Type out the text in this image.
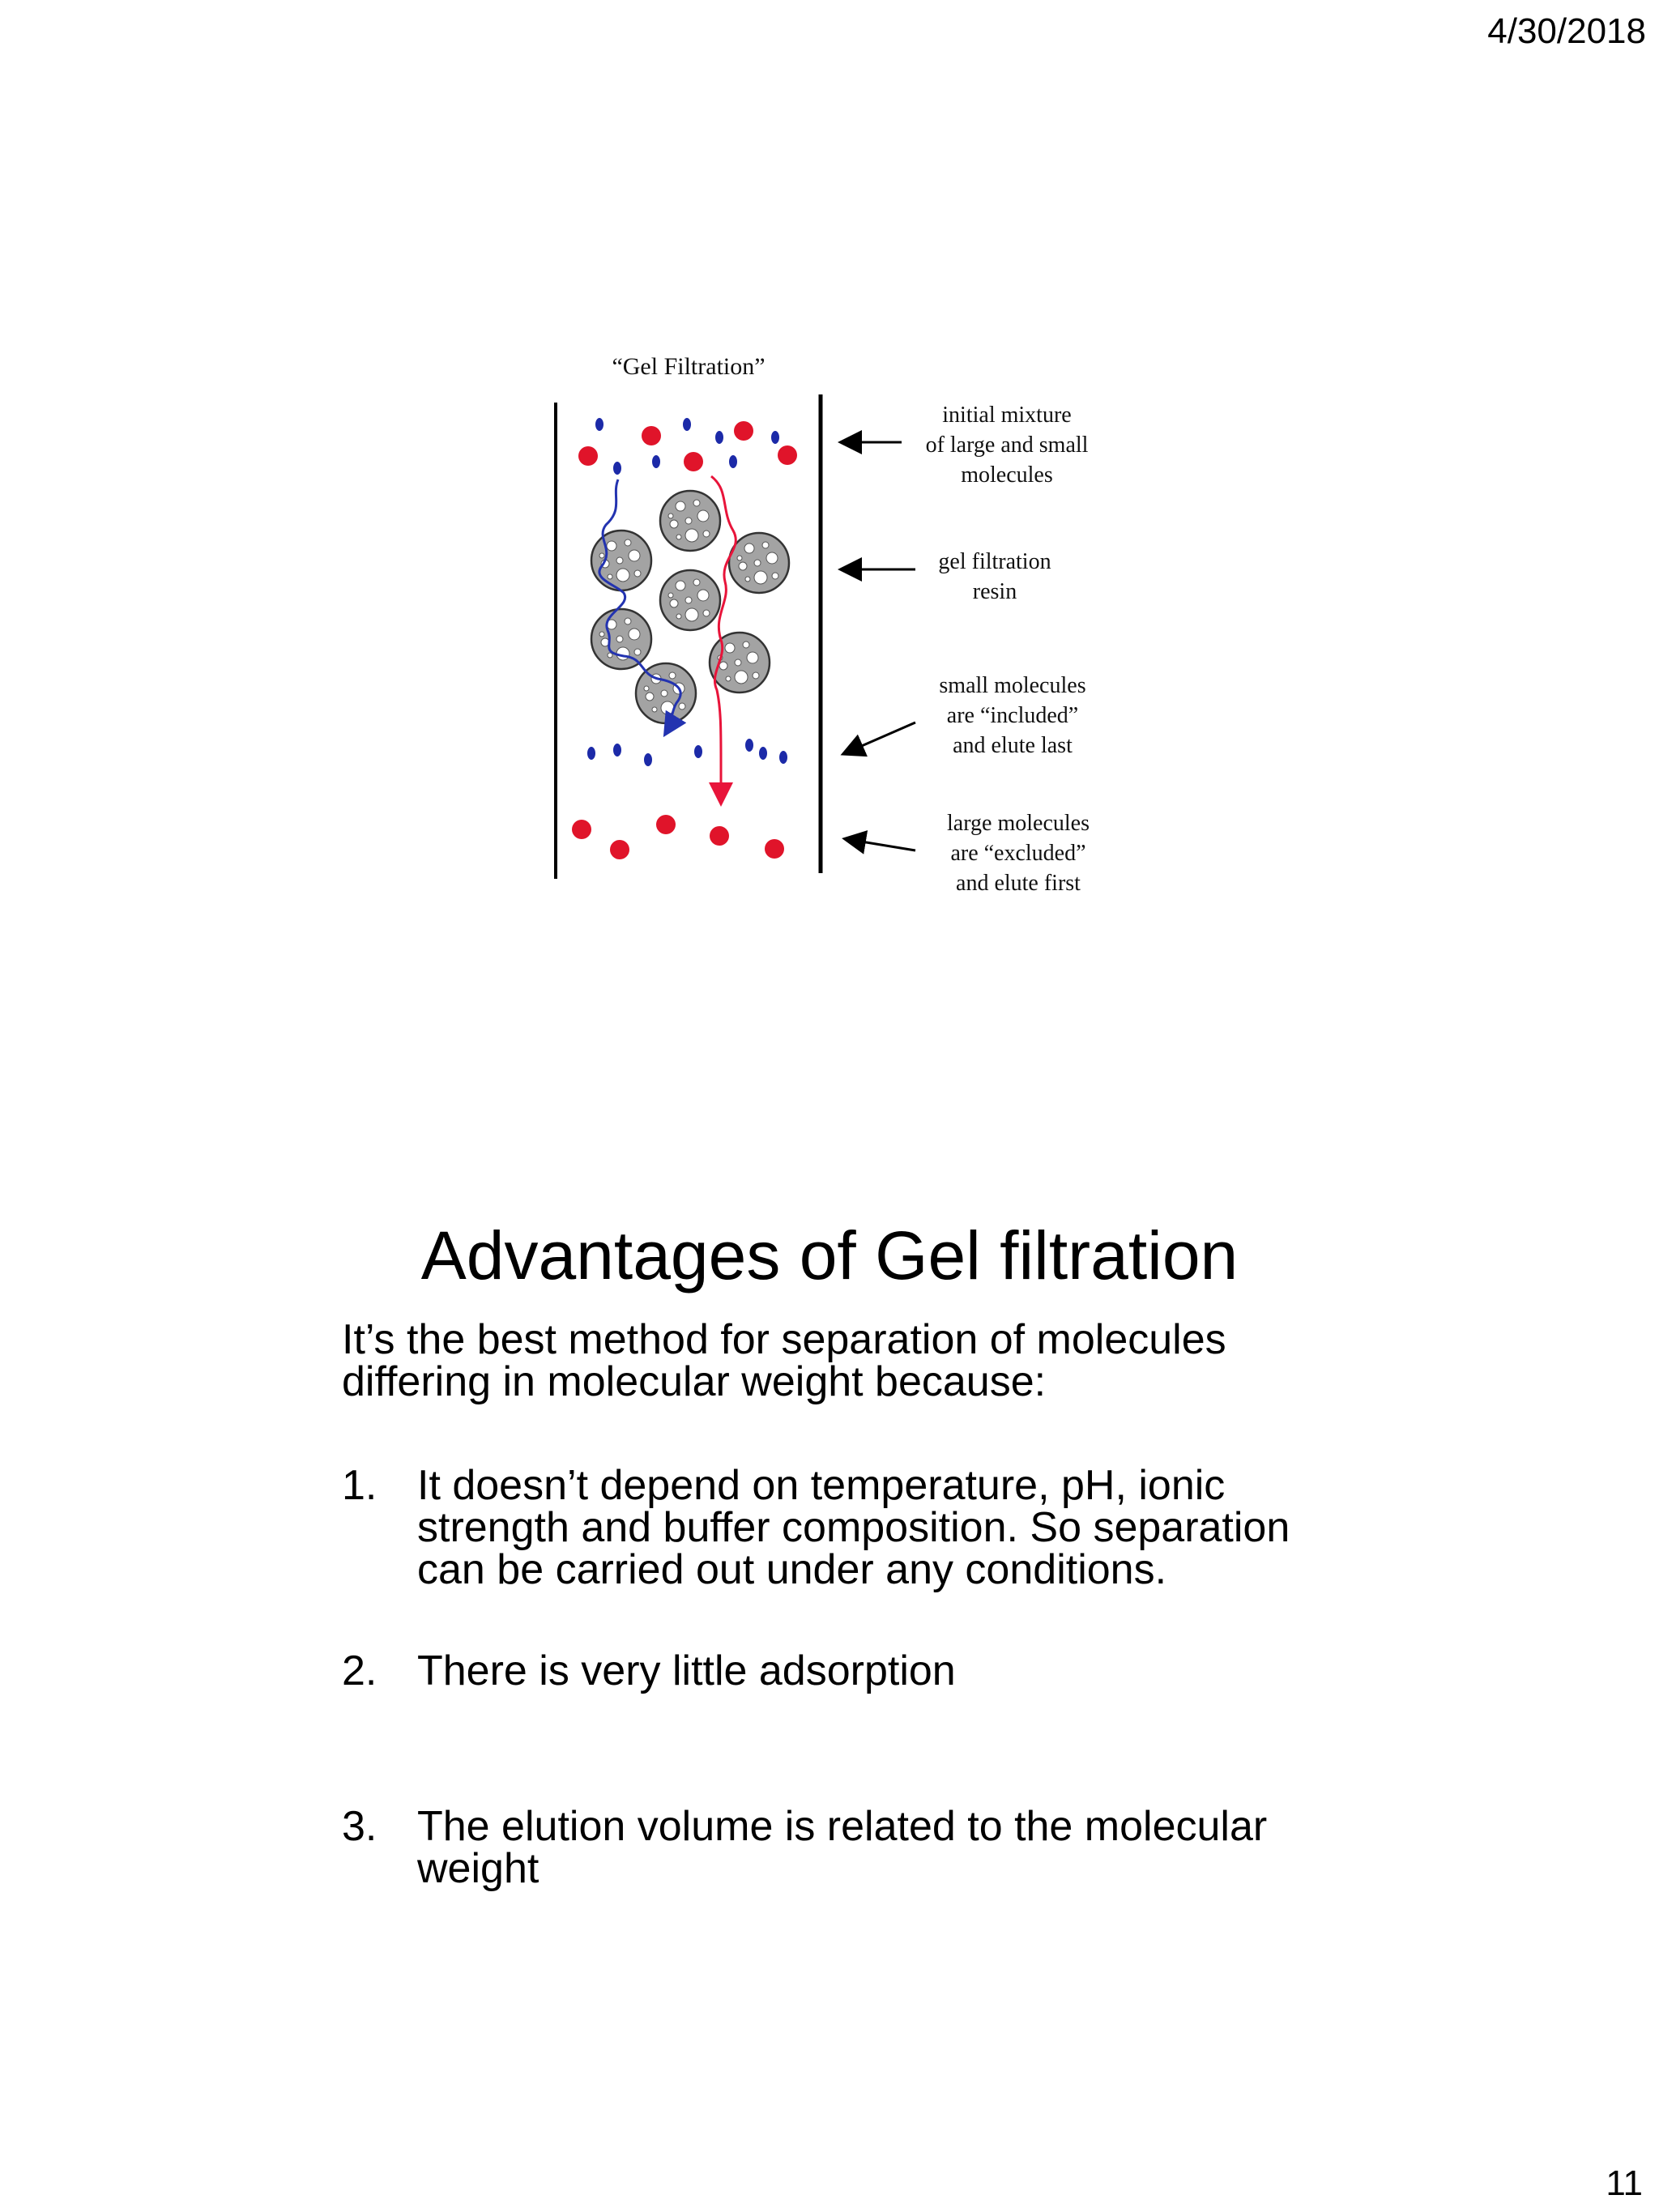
4/30/2018
“Gel Filtration”
initial mixture
of large and small
molecules
gel filtration
resin
small molecules
are “included”
and elute last
large molecules
are “excluded”
and elute first
Advantages of Gel filtration
It’s the best method for separation of molecules
differing in molecular weight because:
1. It doesn’t depend on temperature, pH, ionic
strength and buffer composition. So separation
can be carried out under any conditions.
2. There is very little adsorption
3. The elution volume is related to the molecular
weight
11
